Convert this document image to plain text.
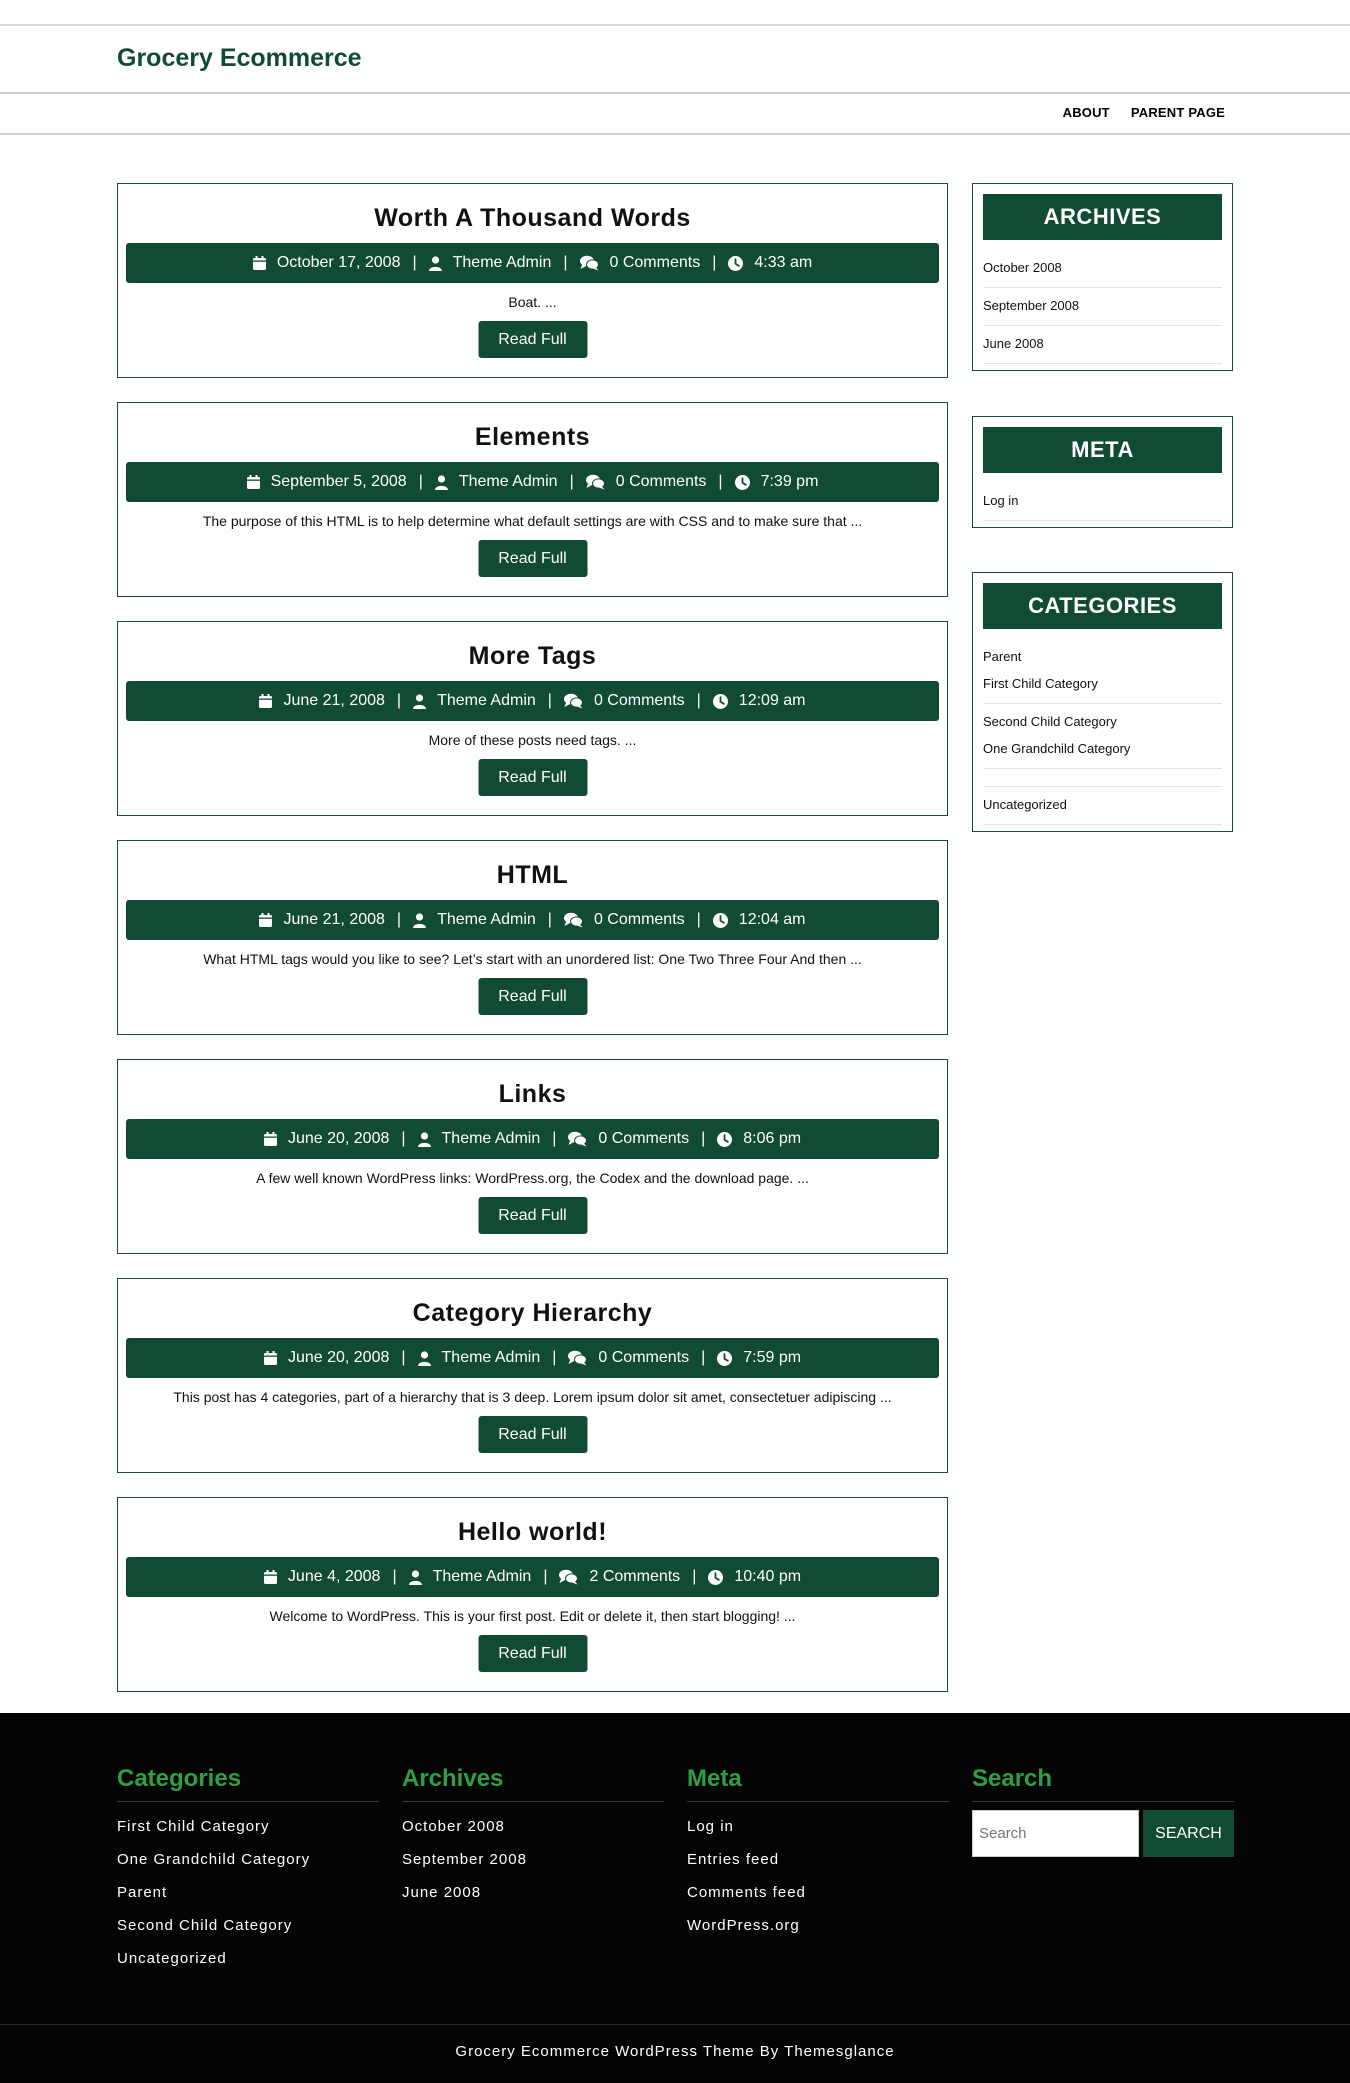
Grocery Ecommerce
ABOUT PARENT PAGE
Worth A Thousand Words
October 17, 2008 | Theme Admin |	0 Comments | 4:33 am

Boat. ...

Read Full
Elements
September 5, 2008 | Theme Admin |	0 Comments | 7:39 pm

The purpose of this HTML is to help determine what default settings are with CSS and to make sure that ...

Read Full
More Tags
June 21, 2008 | Theme Admin |	0 Comments | 12:09 am

More of these posts need tags. ...

Read Full
HTML
June 21, 2008 | Theme Admin |	0 Comments | 12:04 am

What HTML tags would you like to see? Let’s start with an unordered list: One Two Three Four And then ...

Read Full
Links
June 20, 2008 | Theme Admin |	0 Comments | 8:06 pm

A few well known WordPress links: WordPress.org, the Codex and the download page. ...

Read Full
Category Hierarchy
June 20, 2008 | Theme Admin |	0 Comments | 7:59 pm

This post has 4 categories, part of a hierarchy that is 3 deep. Lorem ipsum dolor sit amet, consectetuer adipiscing ...

Read Full
Hello world!
June 4, 2008 | Theme Admin |	2 Comments | 10:40 pm

Welcome to WordPress. This is your first post. Edit or delete it, then start blogging! ...

Read Full
ARCHIVES
October 2008
September 2008
June 2008
META
Log in
CATEGORIES
Parent
First Child Category
Second Child Category
One Grandchild Category
Uncategorized
Categories
First Child Category
One Grandchild Category
Parent
Second Child Category
Uncategorized
Archives
October 2008
September 2008
June 2008
Meta
Log in
Entries feed
Comments feed
WordPress.org
Search
Search
SEARCH
Grocery Ecommerce WordPress Theme By Themesglance
